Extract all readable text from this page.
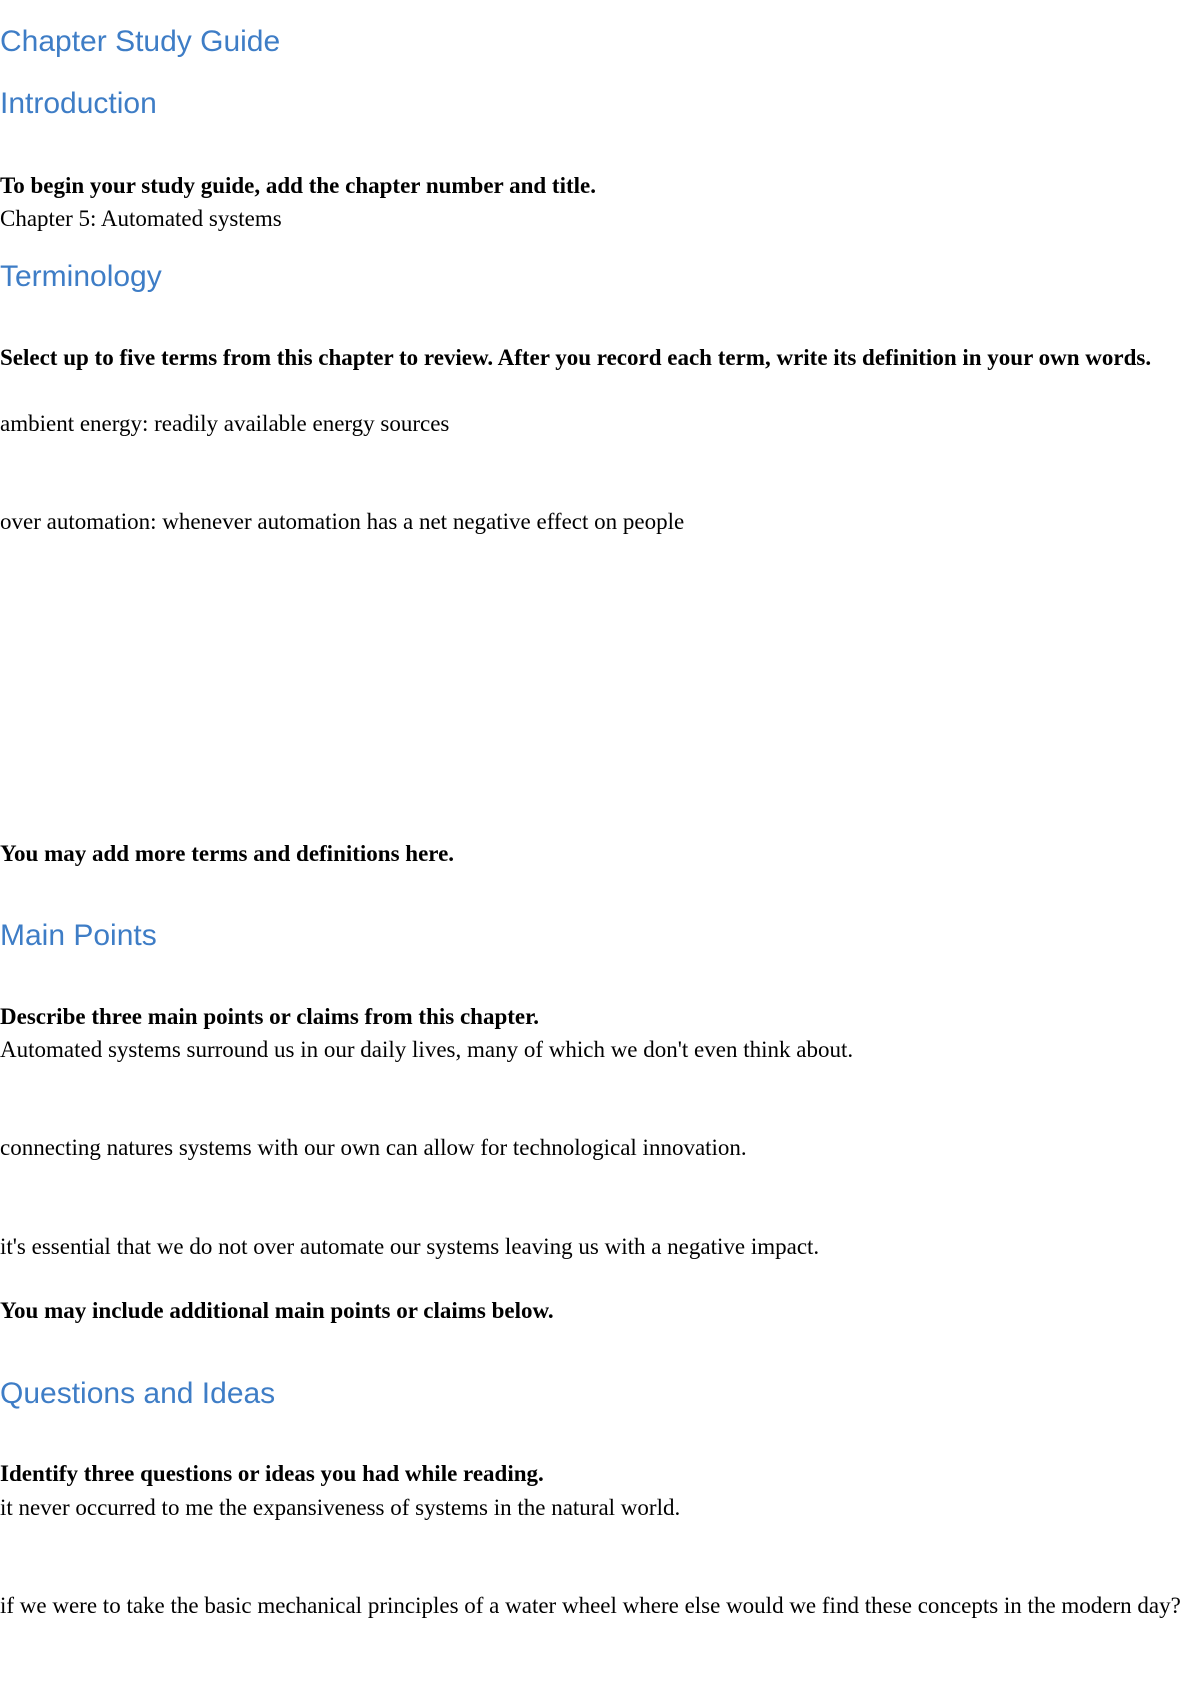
Chapter Study Guide
Introduction

To begin your study guide, add the chapter number and title.

Chapter 5: Automated systems

Terminology

Select up to five terms from this chapter to review. After you record each term, write its definition in your own words.

ambient energy: readily available energy sources

over automation: whenever automation has a net negative effect on people

You may add more terms and definitions here.

Main Points

Describe three main points or claims from this chapter.

Automated systems surround us in our daily lives, many of which we don't even think about.

connecting natures systems with our own can allow for technological innovation.

it's essential that we do not over automate our systems leaving us with a negative impact.

You may include additional main points or claims below.

Questions and Ideas

Identify three questions or ideas you had while reading.

it never occurred to me the expansiveness of systems in the natural world.

if we were to take the basic mechanical principles of a water wheel where else would we find these concepts in the modern day?
